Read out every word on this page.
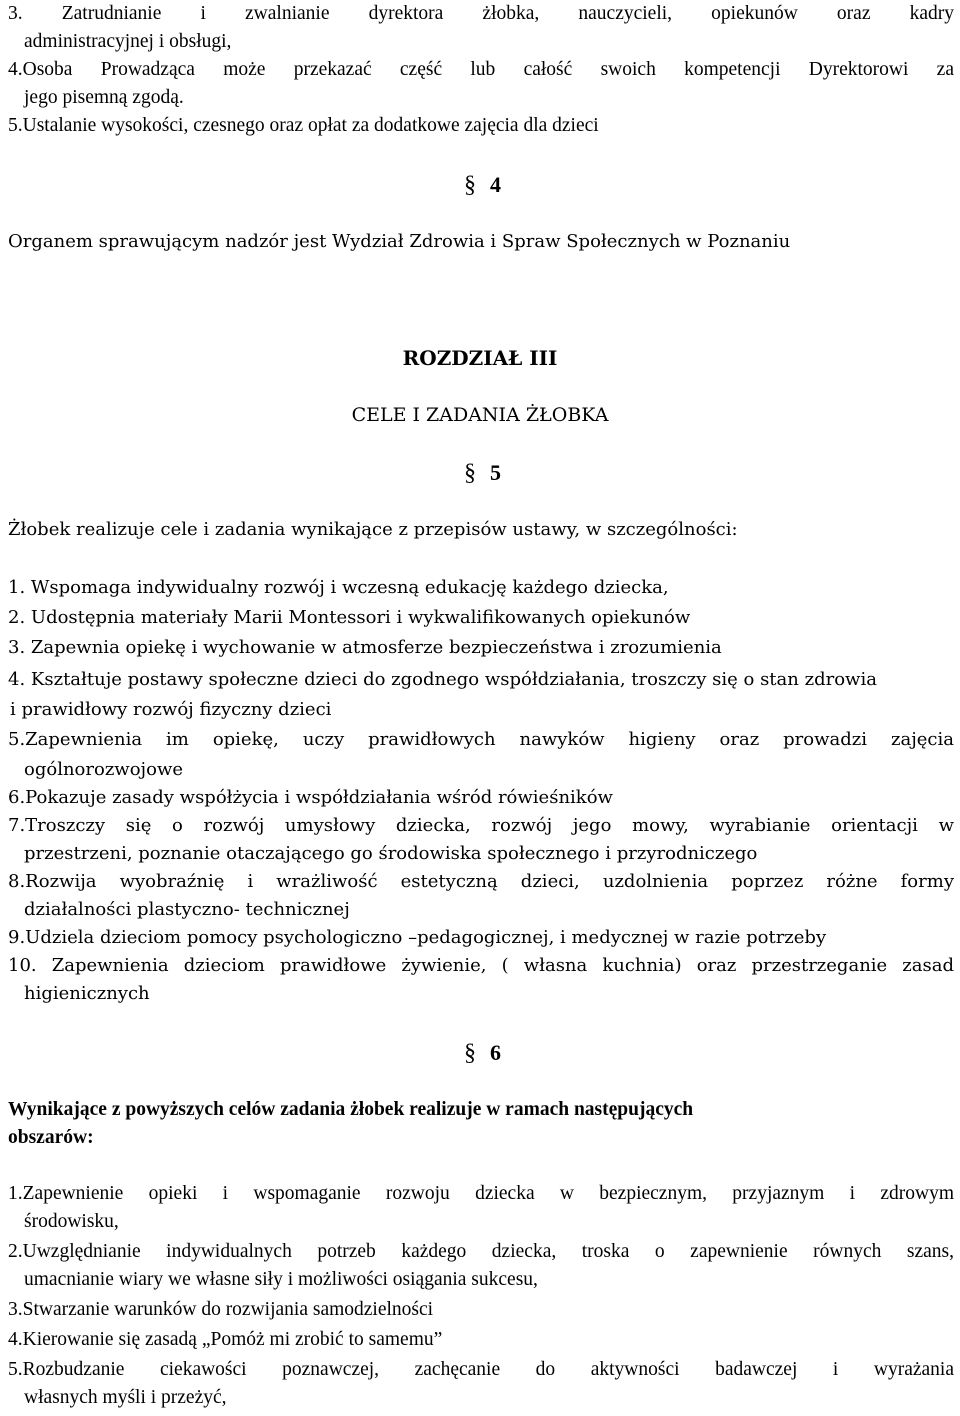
3. Zatrudnianie i zwalnianie dyrektora żłobka, nauczycieli, opiekunów oraz kadry
administracyjnej i obsługi,
4.Osoba Prowadząca może przekazać część lub całość swoich kompetencji Dyrektorowi za
jego pisemną zgodą.
5.Ustalanie wysokości, czesnego oraz opłat za dodatkowe zajęcia dla dzieci
§ 4
Organem sprawującym nadzór jest Wydział Zdrowia i Spraw Społecznych w Poznaniu
ROZDZIAŁ III
CELE I ZADANIA ŻŁOBKA
§ 5
Żłobek realizuje cele i zadania wynikające z przepisów ustawy, w szczególności:
1. Wspomaga indywidualny rozwój i wczesną edukację każdego dziecka,
2. Udostępnia materiały Marii Montessori i wykwalifikowanych opiekunów
3. Zapewnia opiekę i wychowanie w atmosferze bezpieczeństwa i zrozumienia
4. Kształtuje postawy społeczne dzieci do zgodnego współdziałania, troszczy się o stan zdrowia
i prawidłowy rozwój fizyczny dzieci
5.Zapewnienia im opiekę, uczy prawidłowych nawyków higieny oraz prowadzi zajęcia
ogólnorozwojowe
6.Pokazuje zasady współżycia i współdziałania wśród rówieśników
7.Troszczy się o rozwój umysłowy dziecka, rozwój jego mowy, wyrabianie orientacji w
przestrzeni, poznanie otaczającego go środowiska społecznego i przyrodniczego
8.Rozwija wyobraźnię i wrażliwość estetyczną dzieci, uzdolnienia poprzez różne formy
działalności plastyczno- technicznej
9.Udziela dzieciom pomocy psychologiczno –pedagogicznej, i medycznej w razie potrzeby
10. Zapewnienia dzieciom prawidłowe żywienie, ( własna kuchnia) oraz przestrzeganie zasad
higienicznych
§ 6
Wynikające z powyższych celów zadania żłobek realizuje w ramach następujących
obszarów:
1.Zapewnienie opieki i wspomaganie rozwoju dziecka w bezpiecznym, przyjaznym i zdrowym
środowisku,
2.Uwzględnianie indywidualnych potrzeb każdego dziecka, troska o zapewnienie równych szans,
umacnianie wiary we własne siły i możliwości osiągania sukcesu,
3.Stwarzanie warunków do rozwijania samodzielności
4.Kierowanie się zasadą „Pomóż mi zrobić to samemu”
5.Rozbudzanie ciekawości poznawczej, zachęcanie do aktywności badawczej i wyrażania
własnych myśli i przeżyć,
